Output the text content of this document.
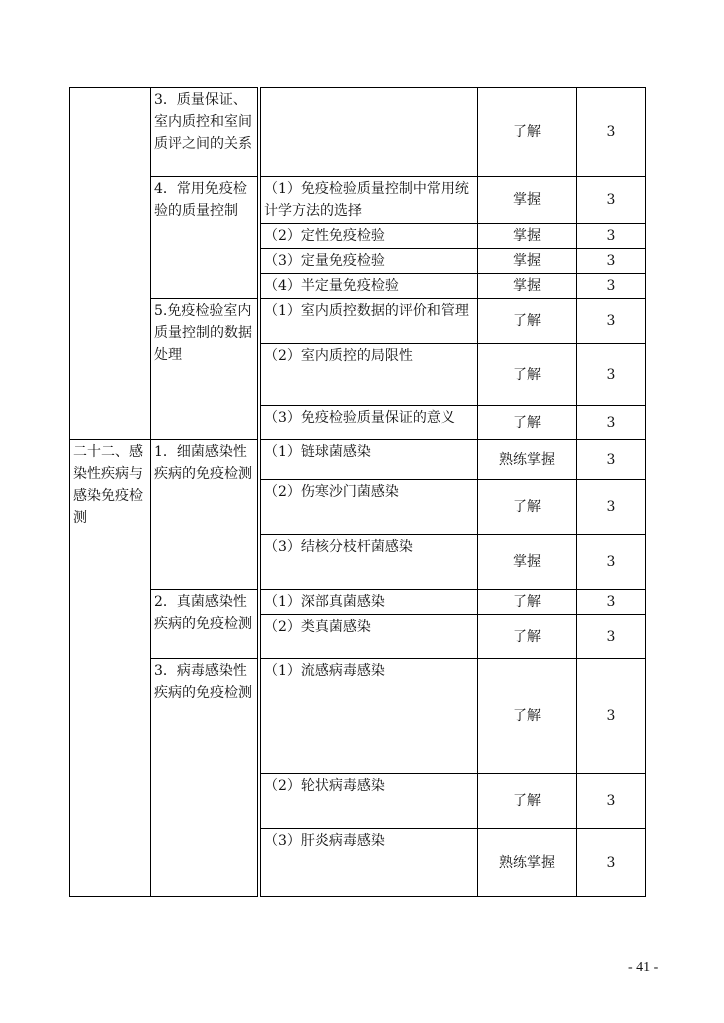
	3．质量保证、室内质控和室间质评之间的关系			了解	3
	4．常用免疫检验的质量控制		（1）免疫检验质量控制中常用统计学方法的选择	掌握	3
			（2）定性免疫检验	掌握	3
			（3）定量免疫检验	掌握	3
			（4）半定量免疫检验	掌握	3
	5.免疫检验室内质量控制的数据处理		（1）室内质控数据的评价和管理	了解	3
			（2）室内质控的局限性	了解	3
			（3）免疫检验质量保证的意义	了解	3
二十二、感染性疾病与感染免疫检测	1．细菌感染性疾病的免疫检测		（1）链球菌感染	熟练掌握	3
			（2）伤寒沙门菌感染	了解	3
			（3）结核分枝杆菌感染	掌握	3
	2．真菌感染性疾病的免疫检测		（1）深部真菌感染	了解	3
			（2）类真菌感染	了解	3
	3．病毒感染性疾病的免疫检测		（1）流感病毒感染	了解	3
			（2）轮状病毒感染	了解	3
			（3）肝炎病毒感染	熟练掌握	3
- 41 -
